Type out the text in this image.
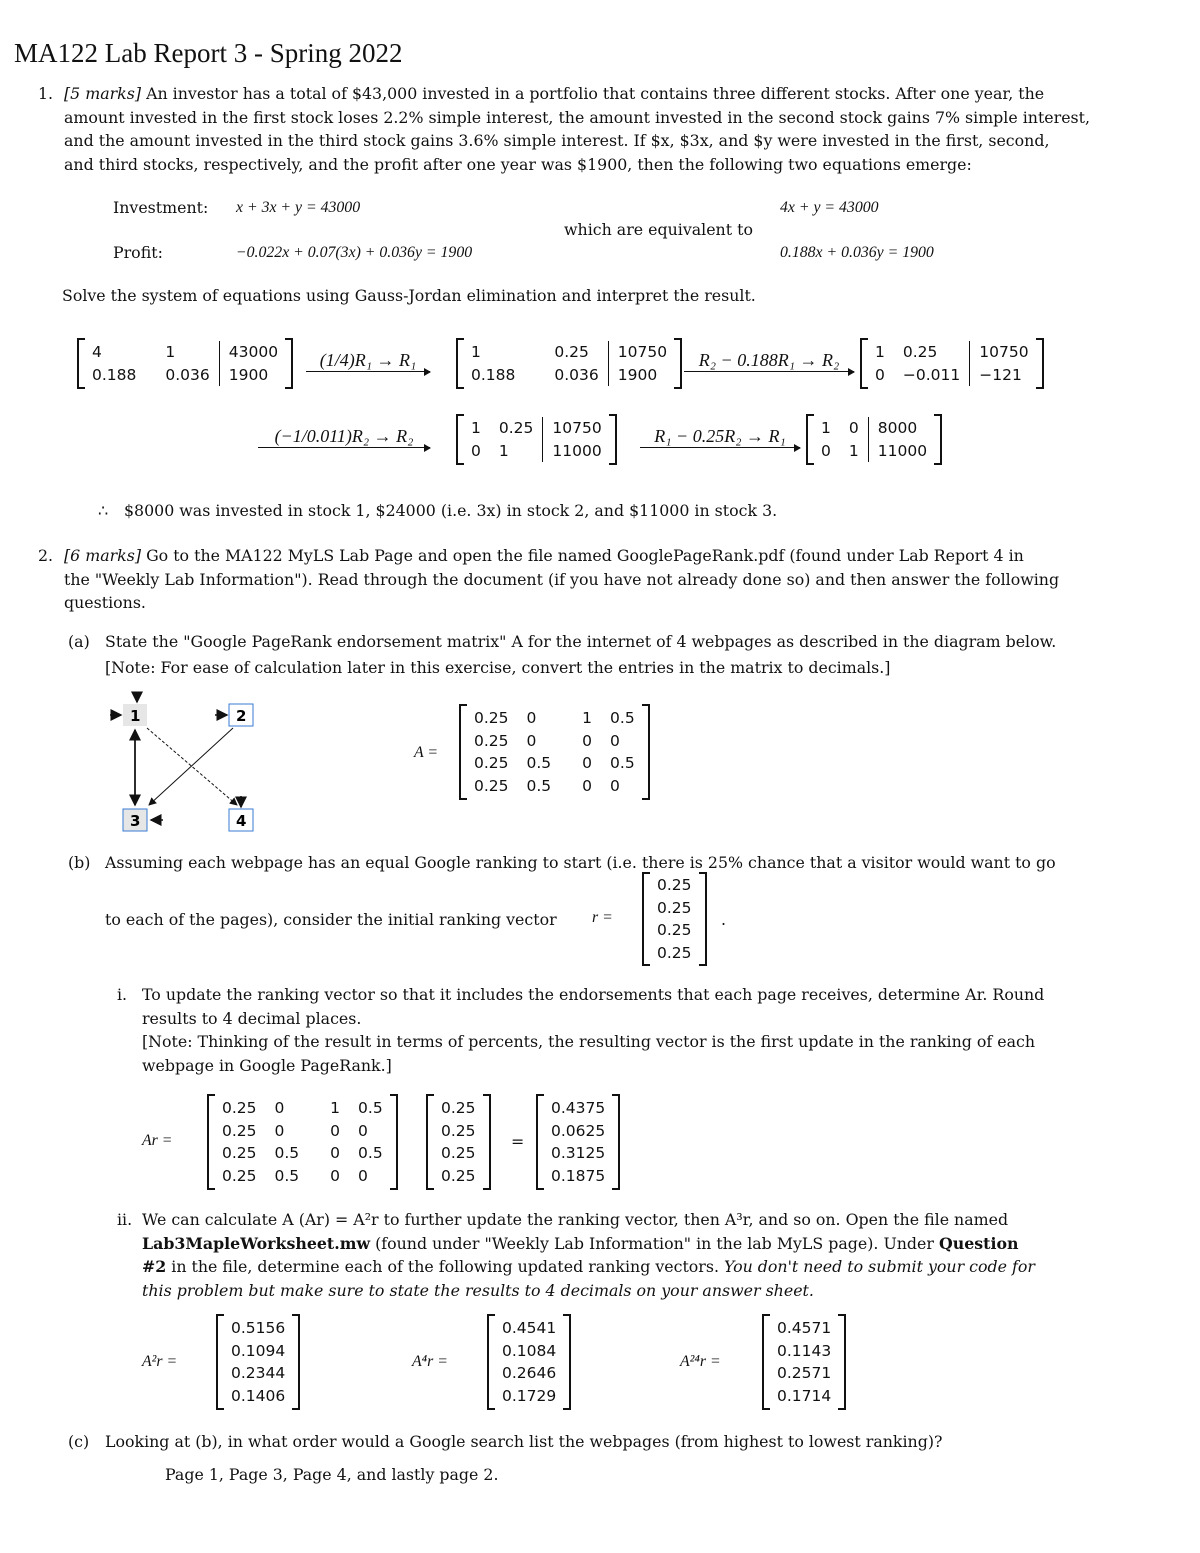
MA122 Lab Report 3 - Spring 2022
1. [5 marks] An investor has a total of $43,000 invested in a portfolio that contains three different stocks. After one year, the
amount invested in the first stock loses 2.2% simple interest, the amount invested in the second stock gains 7% simple interest,
and the amount invested in the third stock gains 3.6% simple interest. If $x, $3x, and $y were invested in the first, second,
and third stocks, respectively, and the profit after one year was $1900, then the following two equations emerge:
Investment: x + 3x + y = 43000
Profit:	−0.022x + 0.07(3x) + 0.036y = 1900
which are equivalent to
4x + y = 43000
0.188x + 0.036y = 1900
Solve the system of equations using Gauss-Jordan elimination and interpret the result.
4	1	43000
0.188	0.036	1900
(1/4)R₁ → R₁	1	0.25	10750
0.188	0.036	1900
R₂ − 0.188R₁ → R₂	1	0.25	10750
0	−0.011	−121
(−1/0.011)R₂ → R₂	1	0.25	10750
0	1	11000
R₁ − 0.25R₂ → R₁	1	0	8000
0	1	11000
∴ $8000 was invested in stock 1, $24000 (i.e. 3x) in stock 2, and $11000 in stock 3.
2. [6 marks] Go to the MA122 MyLS Lab Page and open the file named GooglePageRank.pdf (found under Lab Report 4 in
the "Weekly Lab Information"). Read through the document (if you have not already done so) and then answer the following
questions.
(a) State the "Google PageRank endorsement matrix" A for the internet of 4 webpages as described in the diagram below.
[Note: For ease of calculation later in this exercise, convert the entries in the matrix to decimals.]
1	2
3	4
A =
0.25	0	1	0.5
0.25	0	0	0
0.25	0.5	0	0.5
0.25	0.5	0	0
(b) Assuming each webpage has an equal Google ranking to start (i.e. there is 25% chance that a visitor would want to go
to each of the pages), consider the initial ranking vector r =
0.25
0.25
0.25
0.25
.
i. To update the ranking vector so that it includes the endorsements that each page receives, determine Ar. Round
results to 4 decimal places.
[Note: Thinking of the result in terms of percents, the resulting vector is the first update in the ranking of each
webpage in Google PageRank.]
Ar =
0.25	0	1	0.5
0.25	0	0	0
0.25	0.5	0	0.5
0.25	0.5	0	0
0.25
0.25
0.25
0.25
=
0.4375
0.0625
0.3125
0.1875
ii. We can calculate A (Ar) = A²r to further update the ranking vector, then A³r, and so on. Open the file named
Lab3MapleWorksheet.mw (found under "Weekly Lab Information" in the lab MyLS page). Under Question
#2 in the file, determine each of the following updated ranking vectors. You don't need to submit your code for
this problem but make sure to state the results to 4 decimals on your answer sheet.
A²r =
0.5156
0.1094
0.2344
0.1406
A⁴r =
0.4541
0.1084
0.2646
0.1729
A²⁴r =
0.4571
0.1143
0.2571
0.1714
(c) Looking at (b), in what order would a Google search list the webpages (from highest to lowest ranking)?
Page 1, Page 3, Page 4, and lastly page 2.
